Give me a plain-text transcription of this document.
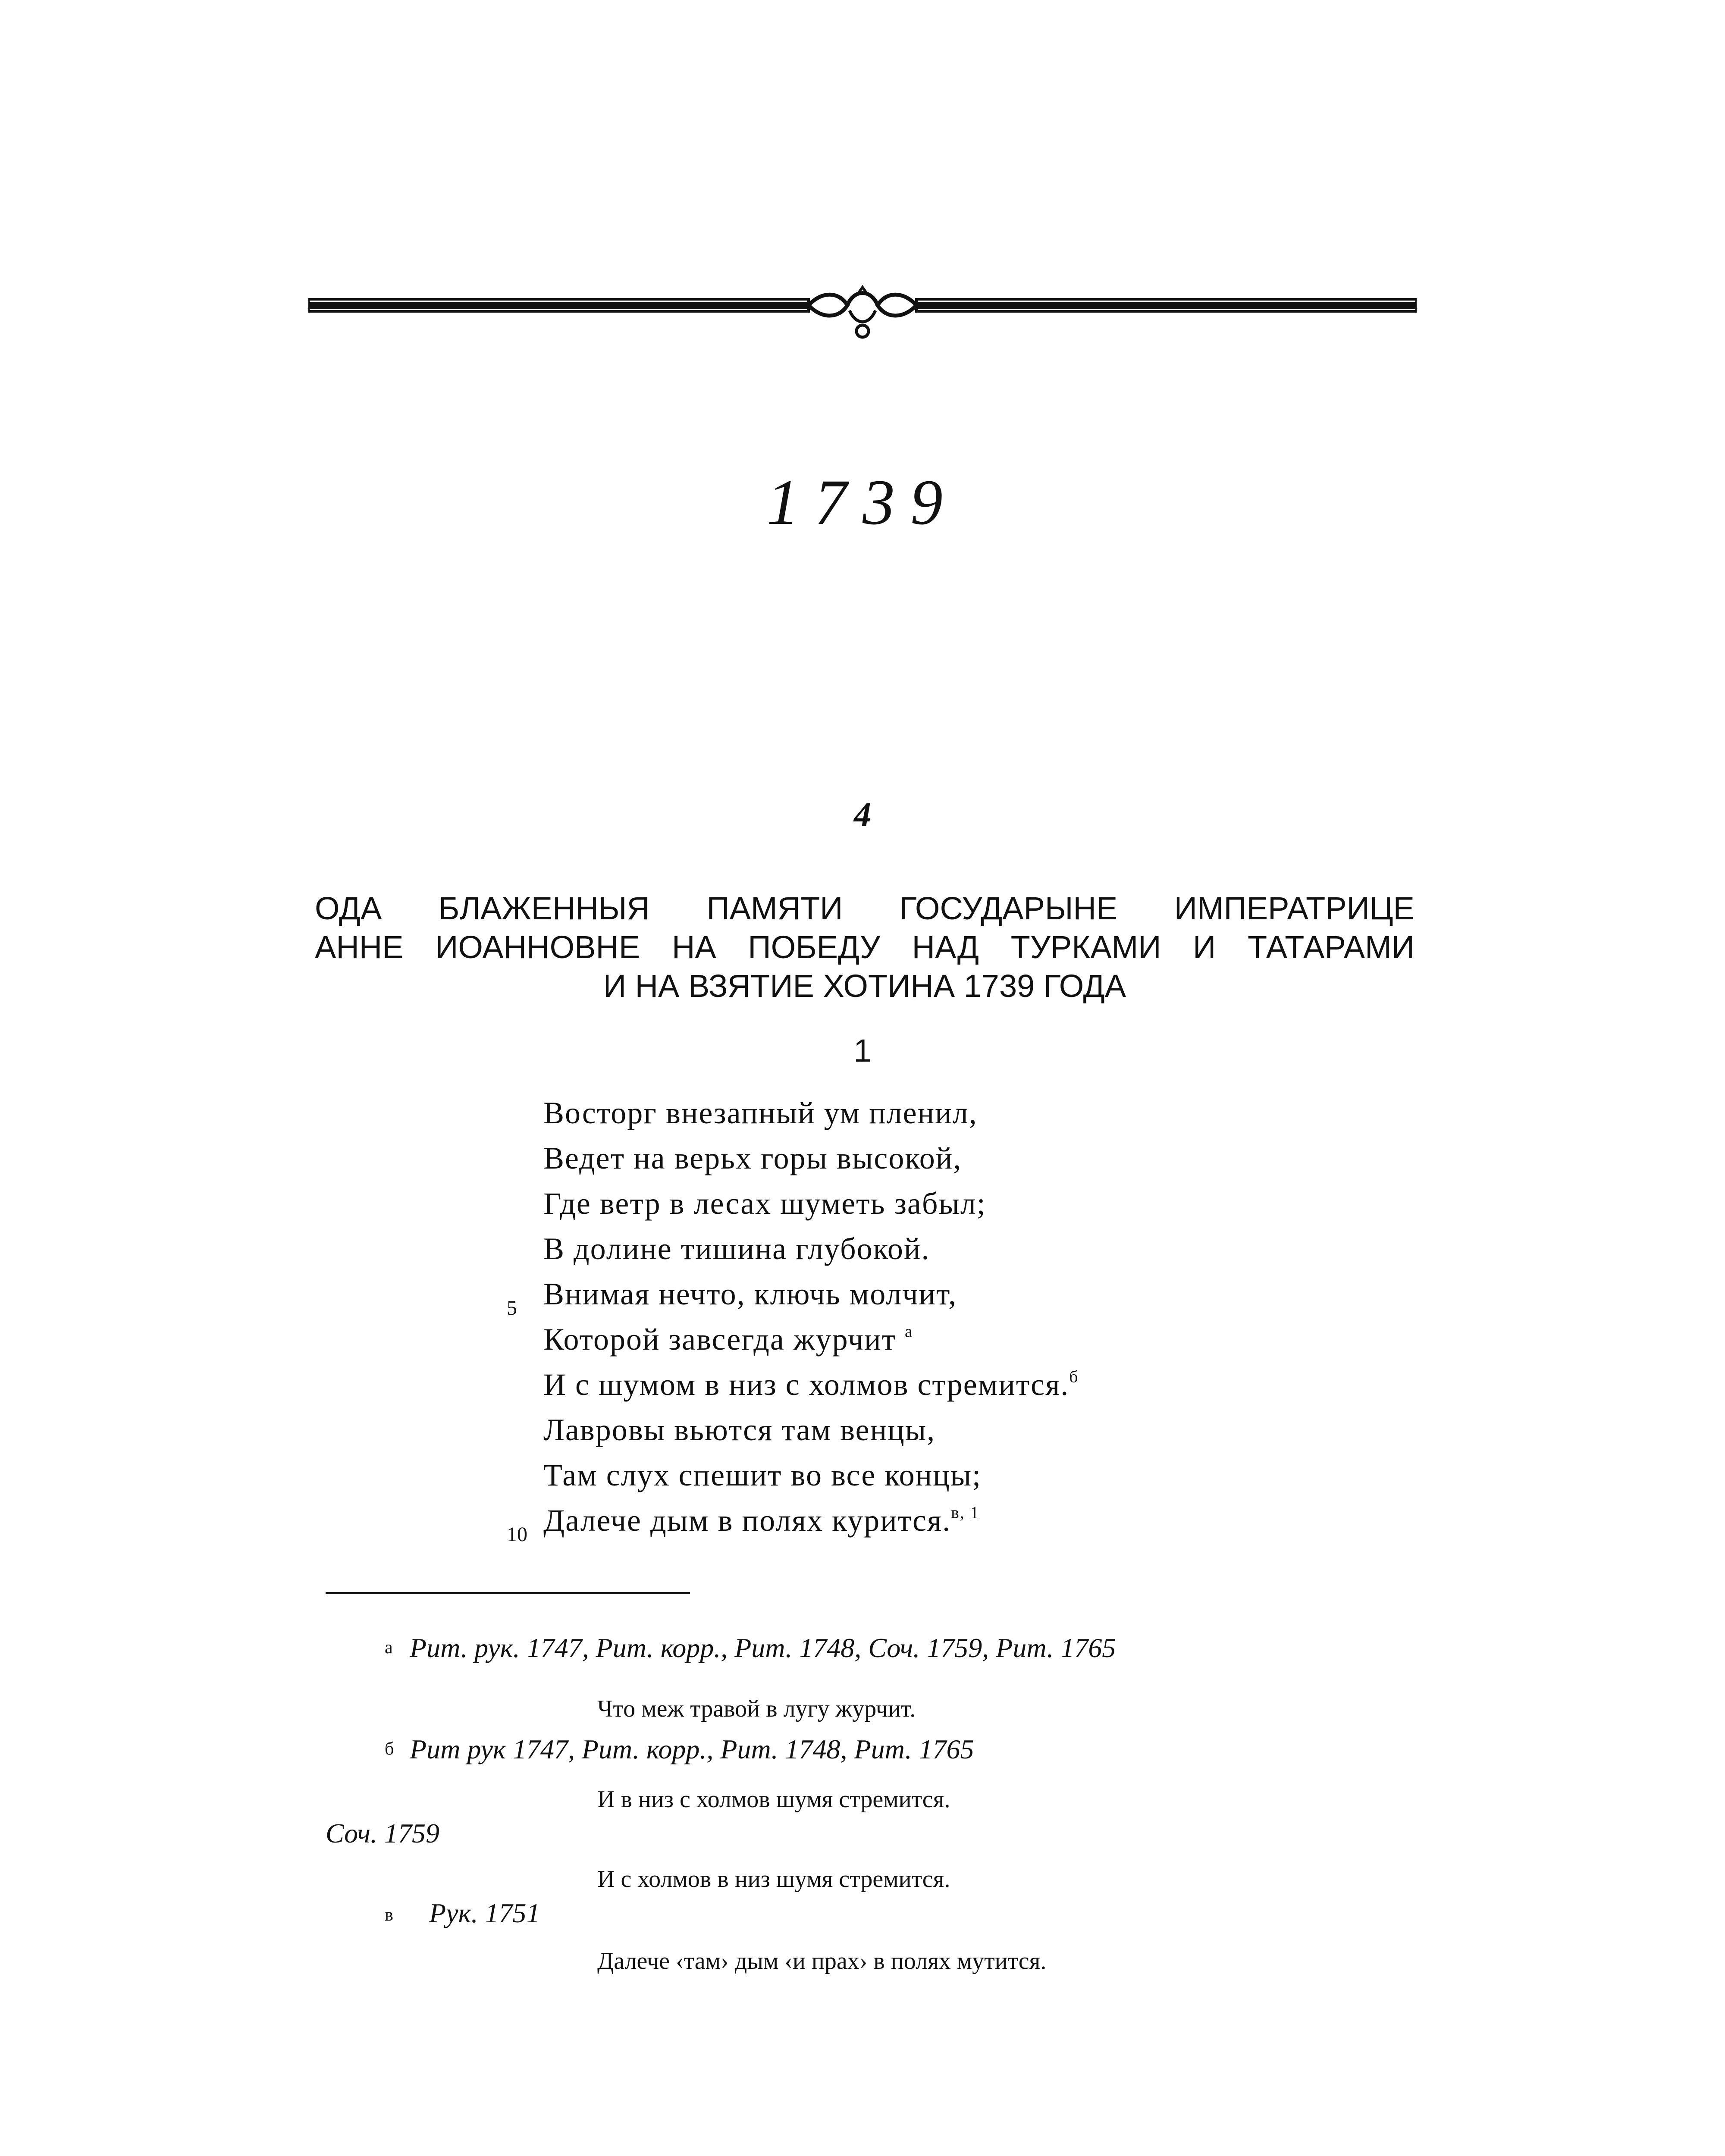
1739
4
ОДА БЛАЖЕННЫЯ ПАМЯТИ ГОСУДАРЫНЕ ИМПЕРАТРИЦЕ
АННЕ ИОАННОВНЕ НА ПОБЕДУ НАД ТУРКАМИ И ТАТАРАМИ
И НА ВЗЯТИЕ ХОТИНА 1739 ГОДА
1
Восторг внезапный ум пленил,
Ведет на верьх горы высокой,
Где ветр в лесах шуметь забыл;
В долине тишина глубокой.
5 Внимая нечто, ключь молчит,
Которой завсегда журчит $^а$
И с шумом в низ с холмов стремится.$^б$
Лавровы вьются там венцы,
Там слух спешит во все концы;
10 Далече дым в полях курится.$^{в, 1}$
а Рит. рук. 1747, Рит. корр., Рит. 1748, Соч. 1759, Рит. 1765
Что меж травой в лугу журчит.
б Рит рук 1747, Рит. корр., Рит. 1748, Рит. 1765
И в низ с холмов шумя стремится.
Соч. 1759
И с холмов в низ шумя стремится.
в Рук. 1751
Далече ‹там› дым ‹и прах› в полях мутится.
